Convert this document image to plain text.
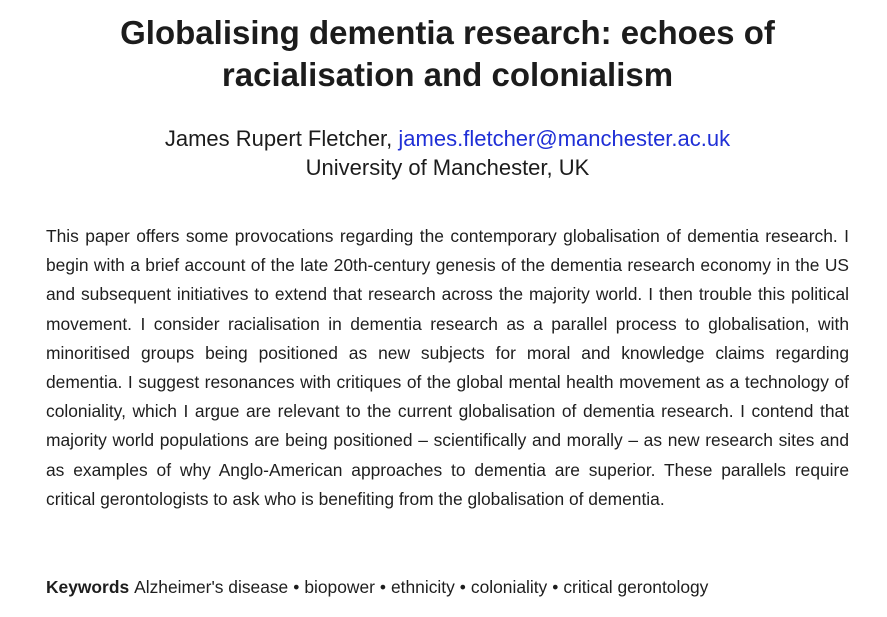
Globalising dementia research: echoes of racialisation and colonialism
James Rupert Fletcher, james.fletcher@manchester.ac.uk
University of Manchester, UK

This paper offers some provocations regarding the contemporary globalisation of dementia research. I begin with a brief account of the late 20th-century genesis of the dementia research economy in the US and subsequent initiatives to extend that research across the majority world. I then trouble this political movement. I consider racialisation in dementia research as a parallel process to globalisation, with minoritised groups being positioned as new subjects for moral and knowledge claims regarding dementia. I suggest resonances with critiques of the global mental health movement as a technology of coloniality, which I argue are relevant to the current globalisation of dementia research. I contend that majority world populations are being positioned – scientifically and morally – as new research sites and as examples of why Anglo-American approaches to dementia are superior. These parallels require critical gerontologists to ask who is benefiting from the globalisation of dementia.

Keywords Alzheimer's disease • biopower • ethnicity • coloniality • critical gerontology
